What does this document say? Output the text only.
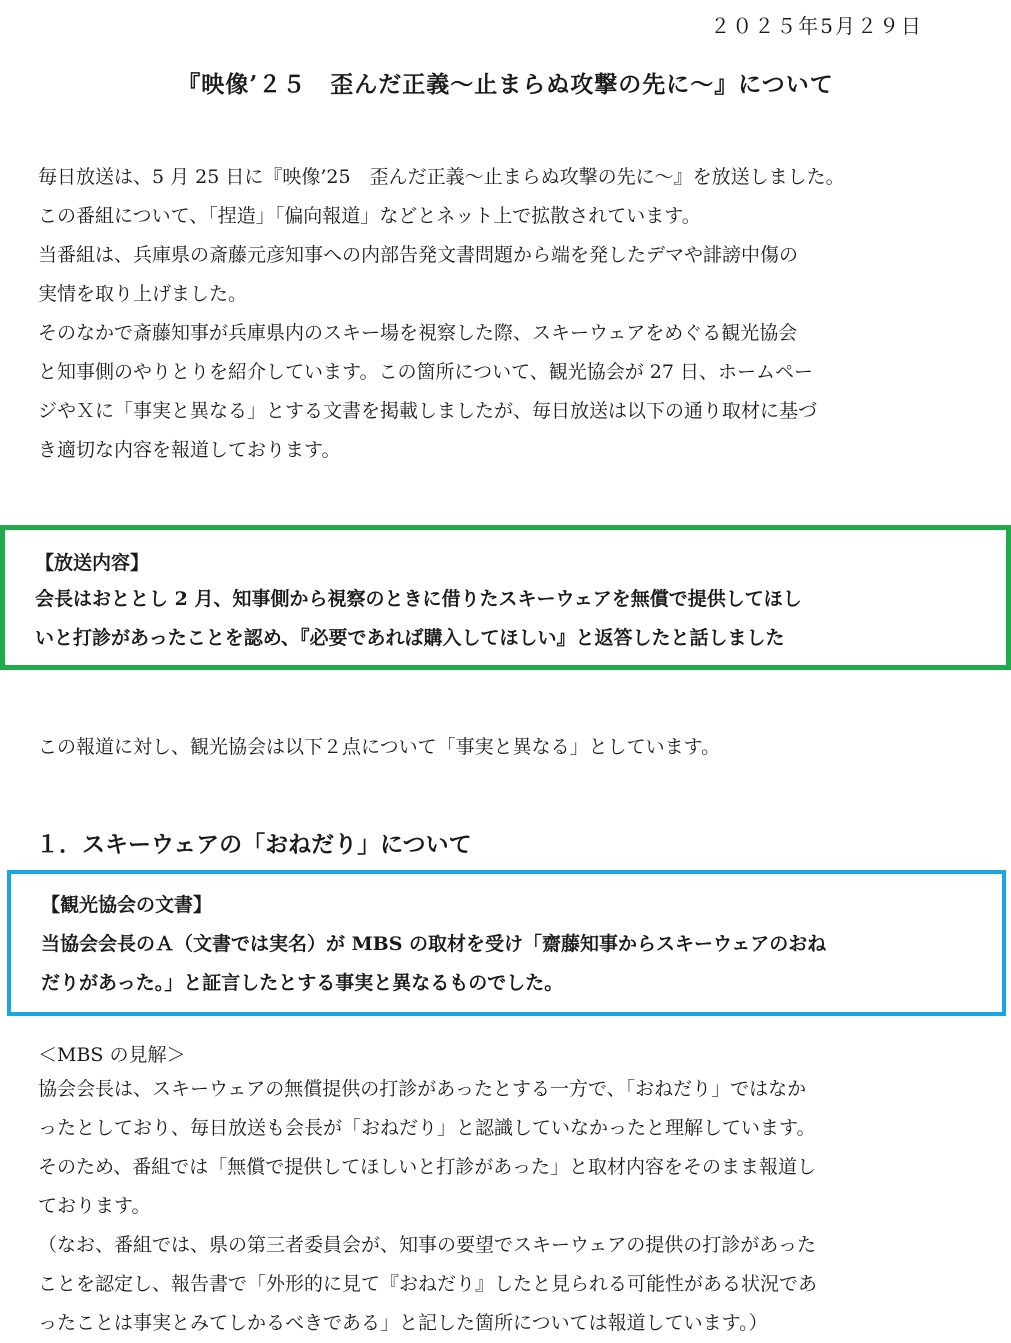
２０２５年5月２９日
『映像’２５　歪んだ正義〜止まらぬ攻撃の先に〜』について
毎日放送は、5 月 25 日に『映像’25　歪んだ正義〜止まらぬ攻撃の先に〜』を放送しました。
この番組について、「捏造」「偏向報道」などとネット上で拡散されています。
当番組は、兵庫県の斎藤元彦知事への内部告発文書問題から端を発したデマや誹謗中傷の
実情を取り上げました。
そのなかで斎藤知事が兵庫県内のスキー場を視察した際、スキーウェアをめぐる観光協会
と知事側のやりとりを紹介しています。この箇所について、観光協会が 27 日、ホームペー
ジやＸに「事実と異なる」とする文書を掲載しましたが、毎日放送は以下の通り取材に基づ
き適切な内容を報道しております。
【放送内容】
会長はおととし 2 月、知事側から視察のときに借りたスキーウェアを無償で提供してほし
いと打診があったことを認め、『必要であれば購入してほしい』と返答したと話しました
この報道に対し、観光協会は以下２点について「事実と異なる」としています。
１．スキーウェアの「おねだり」について
【観光協会の文書】
当協会会長のＡ（文書では実名）が MBS の取材を受け「齋藤知事からスキーウェアのおね
だりがあった。」と証言したとする事実と異なるものでした。
＜MBS の見解＞
協会会長は、スキーウェアの無償提供の打診があったとする一方で、「おねだり」ではなか
ったとしており、毎日放送も会長が「おねだり」と認識していなかったと理解しています。
そのため、番組では「無償で提供してほしいと打診があった」と取材内容をそのまま報道し
ております。
（なお、番組では、県の第三者委員会が、知事の要望でスキーウェアの提供の打診があった
ことを認定し、報告書で「外形的に見て『おねだり』したと見られる可能性がある状況であ
ったことは事実とみてしかるべきである」と記した箇所については報道しています。）
